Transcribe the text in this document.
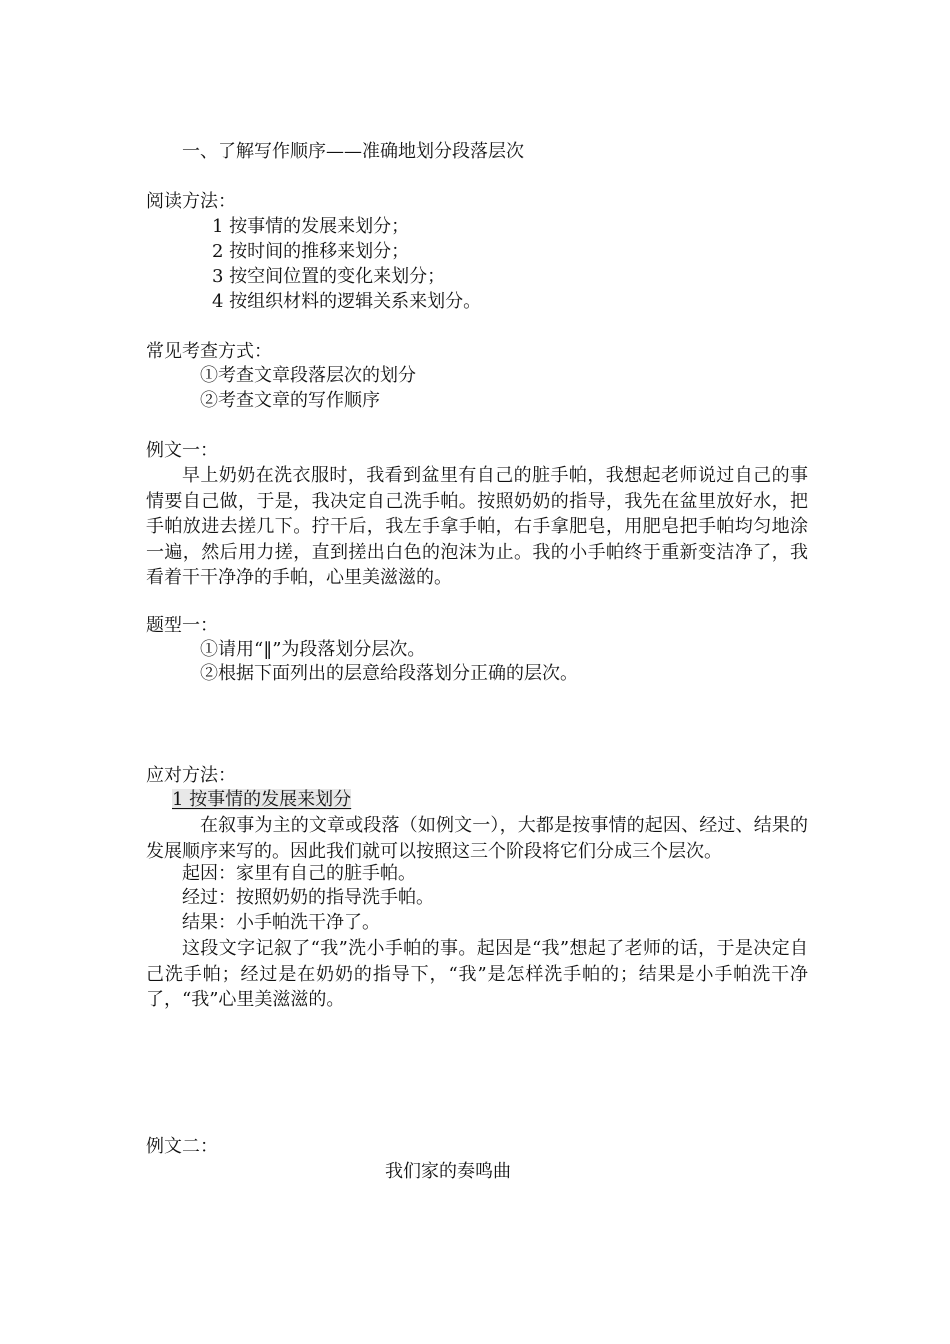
一、了解写作顺序——准确地划分段落层次
阅读方法：
1 按事情的发展来划分；
2 按时间的推移来划分；
3 按空间位置的变化来划分；
4 按组织材料的逻辑关系来划分。
常见考查方式：
①考查文章段落层次的划分
②考查文章的写作顺序
例文一：
早上奶奶在洗衣服时，我看到盆里有自己的脏手帕，我想起老师说过自己的事情要自己做，于是，我决定自己洗手帕。按照奶奶的指导，我先在盆里放好水，把手帕放进去搓几下。拧干后，我左手拿手帕，右手拿肥皂，用肥皂把手帕均匀地涂一遍，然后用力搓，直到搓出白色的泡沫为止。我的小手帕终于重新变洁净了，我看着干干净净的手帕，心里美滋滋的。
题型一：
①请用“‖”为段落划分层次。
②根据下面列出的层意给段落划分正确的层次。
应对方法：
1 按事情的发展来划分
在叙事为主的文章或段落（如例文一），大都是按事情的起因、经过、结果的发展顺序来写的。因此我们就可以按照这三个阶段将它们分成三个层次。
起因：家里有自己的脏手帕。
经过：按照奶奶的指导洗手帕。
结果：小手帕洗干净了。
这段文字记叙了“我”洗小手帕的事。起因是“我”想起了老师的话，于是决定自己洗手帕；经过是在奶奶的指导下，“我”是怎样洗手帕的；结果是小手帕洗干净了，“我”心里美滋滋的。
例文二：
我们家的奏鸣曲
